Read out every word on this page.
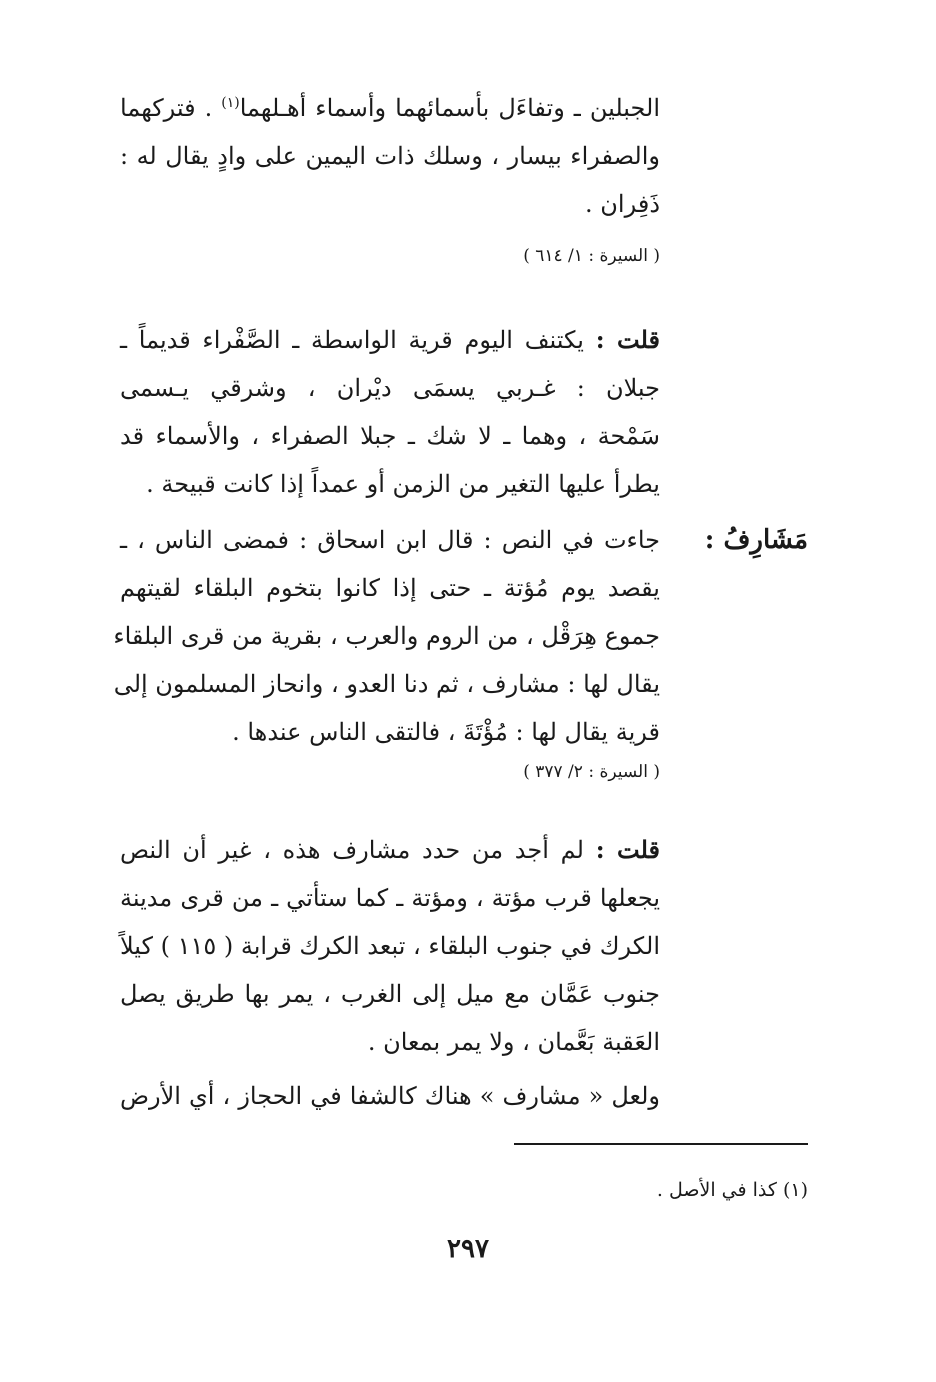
الجبلين ـ وتفاءَل بأسمائهما وأسماء أهـلهما$^{(١)}$ . فتركهما
والصفراء بيسار ، وسلك ذات اليمين على وادٍ يقال له :
ذَفِران .
( السيرة : ١/ ٦١٤ )
قلت : يكتنف اليوم قرية الواسطة ـ الصَّفْراء قديماً ـ
جبلان : غـربي يسمَى ديْران ، وشرقي يـسمى
سَمْحة ، وهما ـ لا شك ـ جبلا الصفراء ، والأسماء قد
يطرأ عليها التغير من الزمن أو عمداً إذا كانت قبيحة .
مَشَارِفُ :
جاءت في النص : قال ابن اسحاق : فمضى الناس ، ـ
يقصد يوم مُؤتة ـ حتى إذا كانوا بتخوم البلقاء لقيتهم
جموع هِرَقْل ، من الروم والعرب ، بقرية من قرى البلقاء
يقال لها : مشارف ، ثم دنا العدو ، وانحاز المسلمون إلى
قرية يقال لها : مُؤْتَةَ ، فالتقى الناس عندها .
( السيرة : ٢/ ٣٧٧ )
قلت : لم أجد من حدد مشارف هذه ، غير أن النص
يجعلها قرب مؤتة ، ومؤتة ـ كما ستأتي ـ من قرى مدينة
الكرك في جنوب البلقاء ، تبعد الكرك قرابة ( ١١٥ ) كيلاً
جنوب عَمَّان مع ميل إلى الغرب ، يمر بها طريق يصل
العَقبة بَعَّمان ، ولا يمر بمعان .
ولعل « مشارف » هناك كالشفا في الحجاز ، أي الأرض
(١) كذا في الأصل .
٢٩٧
